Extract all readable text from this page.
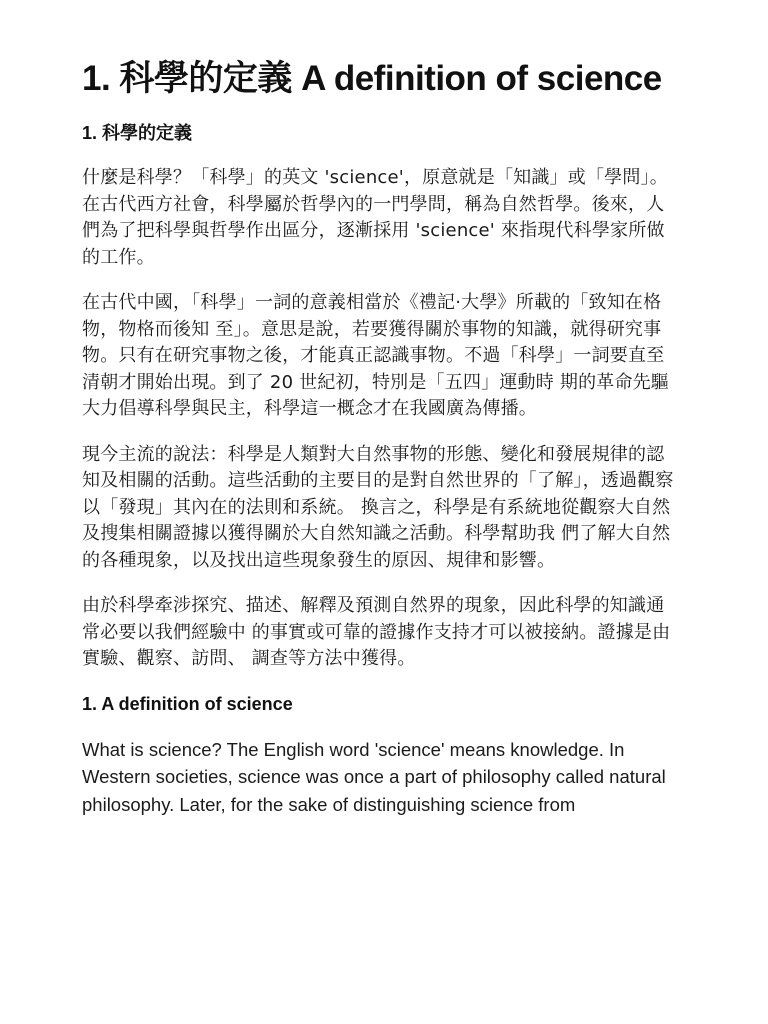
1. 科學的定義 A definition of science
1. 科學的定義

什麼是科學？「科學」的英文 'science'，原意就是「知識」或「學問」。在古代西方社會，科學屬於哲學內的一門學問，稱為自然哲學。後來，人們為了把科學與哲學作出區分，逐漸採用 'science' 來指現代科學家所做的工作。

在古代中國，「科學」一詞的意義相當於《禮記·大學》所載的「致知在格物，物格而後知 至」。意思是說，若要獲得關於事物的知識，就得研究事物。只有在研究事物之後，才能真正認識事物。不過「科學」一詞要直至清朝才開始出現。到了 20 世紀初，特別是「五四」運動時 期的革命先驅大力倡導科學與民主，科學這一概念才在我國廣為傳播。

現今主流的說法：科學是人類對大自然事物的形態、變化和發展規律的認知及相關的活動。這些活動的主要目的是對自然世界的「了解」，透過觀察以「發現」其內在的法則和系統。 換言之，科學是有系統地從觀察大自然及搜集相關證據以獲得關於大自然知識之活動。科學幫助我 們了解大自然的各種現象，以及找出這些現象發生的原因、規律和影響。

由於科學牽涉探究、描述、解釋及預測自然界的現象，因此科學的知識通常必要以我們經驗中 的事實或可靠的證據作支持才可以被接納。證據是由實驗、觀察、訪問、 調查等方法中獲得。

1. A definition of science

What is science? The English word 'science' means knowledge. In Western societies, science was once a part of philosophy called natural philosophy. Later, for the sake of distinguishing science from
